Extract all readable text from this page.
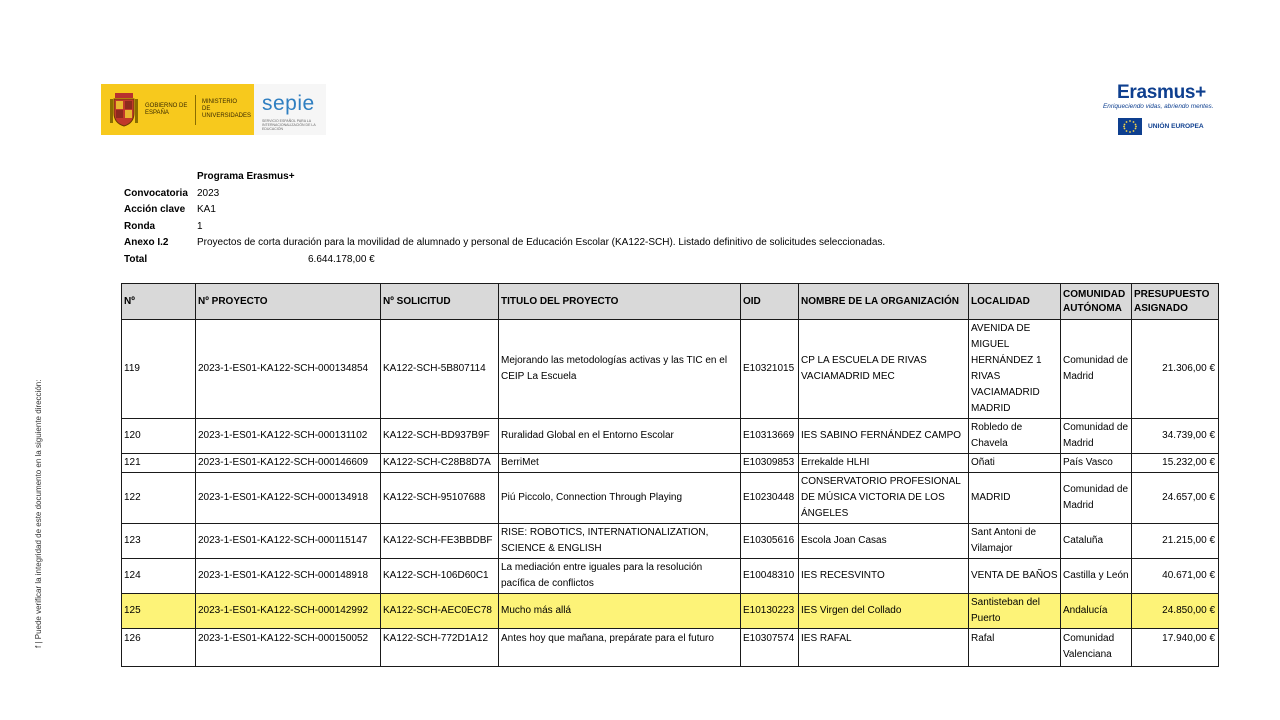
f | Puede verificar la integridad de este documento en la siguiente dirección:
GOBIERNO DE ESPAÑA
MINISTERIO DE UNIVERSIDADES
sepie
SERVICIO ESPAÑOL PARA LA INTERNACIONALIZACIÓN DE LA EDUCACIÓN
Erasmus+
Enriqueciendo vidas, abriendo mentes.
UNIÓN EUROPEA
Programa Erasmus+
Convocatoria 2023
Acción clave	KA1
Ronda	1
Anexo I.2	Proyectos de corta duración para la movilidad de alumnado y personal de Educación Escolar (KA122-SCH). Listado definitivo de solicitudes seleccionadas.
Total	6.644.178,00 €
Nº	Nº PROYECTO	Nº SOLICITUD	TITULO DEL PROYECTO	OID	NOMBRE DE LA ORGANIZACIÓN	LOCALIDAD	COMUNIDAD AUTÓNOMA	PRESUPUESTO ASIGNADO
119	2023-1-ES01-KA122-SCH-000134854	KA122-SCH-5B807114	Mejorando las metodologías activas y las TIC en el CEIP La Escuela	E10321015	CP LA ESCUELA DE RIVAS VACIAMADRID MEC	AVENIDA DE MIGUEL HERNÁNDEZ 1 RIVAS VACIAMADRID MADRID	Comunidad de Madrid	21.306,00 €
120	2023-1-ES01-KA122-SCH-000131102	KA122-SCH-BD937B9F	Ruralidad Global en el Entorno Escolar	E10313669	IES SABINO FERNÁNDEZ CAMPO	Robledo de Chavela	Comunidad de Madrid	34.739,00 €
121	2023-1-ES01-KA122-SCH-000146609	KA122-SCH-C28B8D7A	BerriMet	E10309853	Errekalde HLHI	Oñati	País Vasco	15.232,00 €
122	2023-1-ES01-KA122-SCH-000134918	KA122-SCH-95107688	Piú Piccolo, Connection Through Playing	E10230448	CONSERVATORIO PROFESIONAL DE MÚSICA VICTORIA DE LOS ÁNGELES	MADRID	Comunidad de Madrid	24.657,00 €
123	2023-1-ES01-KA122-SCH-000115147	KA122-SCH-FE3BBDBF	RISE: ROBOTICS, INTERNATIONALIZATION, SCIENCE & ENGLISH	E10305616	Escola Joan Casas	Sant Antoni de Vilamajor	Cataluña	21.215,00 €
124	2023-1-ES01-KA122-SCH-000148918	KA122-SCH-106D60C1	La mediación entre iguales para la resolución pacífica de conflictos	E10048310	IES RECESVINTO	VENTA DE BAÑOS	Castilla y León	40.671,00 €
125	2023-1-ES01-KA122-SCH-000142992	KA122-SCH-AEC0EC78	Mucho más allá	E10130223	IES Virgen del Collado	Santisteban del Puerto	Andalucía	24.850,00 €

126	2023-1-ES01-KA122-SCH-000150052	KA122-SCH-772D1A12	Antes hoy que mañana, prepárate para el futuro	E10307574	IES RAFAL	Rafal	Comunidad Valenciana	17.940,00 €
